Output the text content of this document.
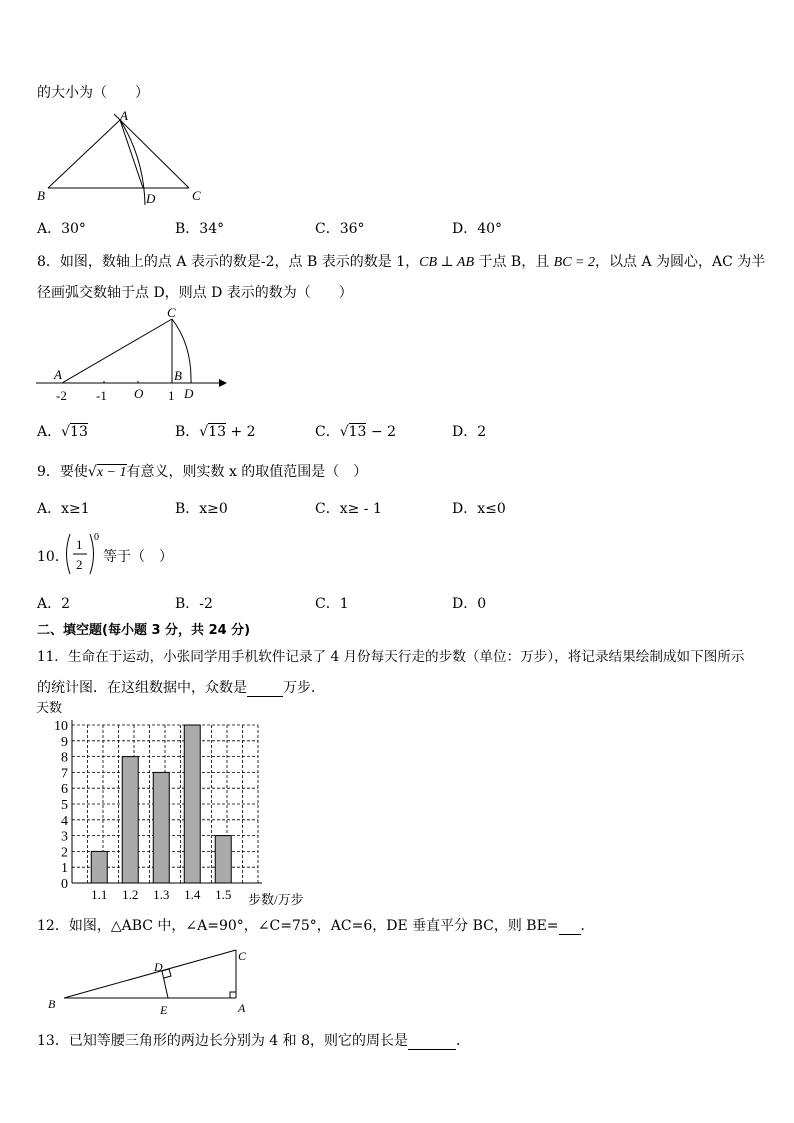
的大小为（　　）
A
B	C
D
A．30°	B．34°	C．36°	D．40°
8．如图，数轴上的点 A 表示的数是-2，点 B 表示的数是 1，CB ⊥ AB 于点 B，且 BC = 2，以点 A 为圆心，AC 为半
径画弧交数轴于点 D，则点 D 表示的数为（　　）
A
C
B
D
O
-2 -1	1
A．√13	B．√13 + 2	C．√13 − 2	D．2
9．要使√x − 1有意义，则实数 x 的取值范围是（　）
A．x≥1	B．x≥0	C．x≥ - 1	D．x≤0
10．
1
2
0
等于（　）
A．2	B．-2	C．1	D．0
二、填空题(每小题 3 分，共 24 分)
11．生命在于运动，小张同学用手机软件记录了 4 月份每天行走的步数（单位：万步），将记录结果绘制成如下图所示
的统计图．在这组数据中，众数是	万步．
0
1
2
3
4
5
6
7
8
9
10
1.1 1.2 1.3 1.4 1.5
天数
步数/万步
12．如图，△ABC 中，∠A=90°，∠C=75°，AC=6，DE 垂直平分 BC，则 BE= ．
B
C
A
D
E
13．已知等腰三角形的两边长分别为 4 和 8，则它的周长是	．
